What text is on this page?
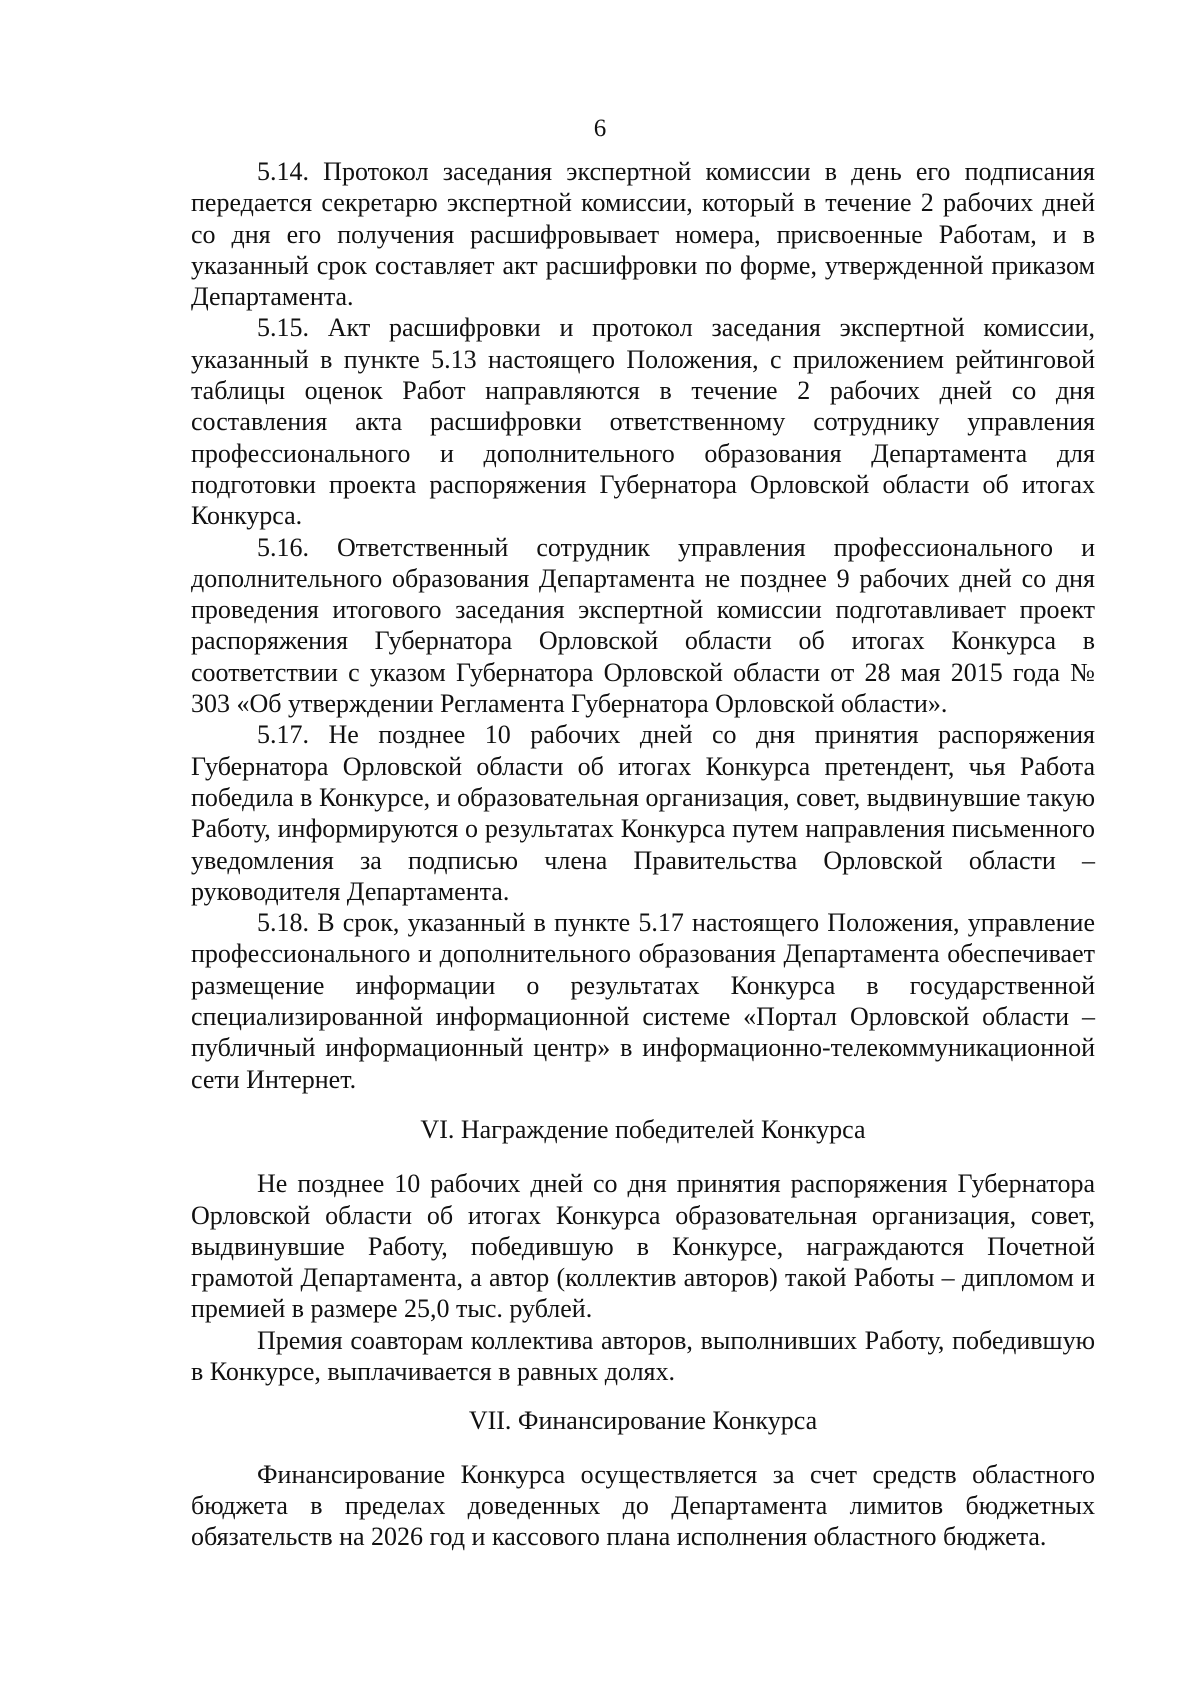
6

5.14. Протокол заседания экспертной комиссии в день его подписания передается секретарю экспертной комиссии, который в течение 2 рабочих дней со дня его получения расшифровывает номера, присвоенные Работам, и в указанный срок составляет акт расшифровки по форме, утвержденной приказом Департамента.

5.15. Акт расшифровки и протокол заседания экспертной комиссии, указанный в пункте 5.13 настоящего Положения, с приложением рейтинговой таблицы оценок Работ направляются в течение 2 рабочих дней со дня составления акта расшифровки ответственному сотруднику управления профессионального и дополнительного образования Департамента для подготовки проекта распоряжения Губернатора Орловской области об итогах Конкурса.

5.16. Ответственный сотрудник управления профессионального и дополнительного образования Департамента не позднее 9 рабочих дней со дня проведения итогового заседания экспертной комиссии подготавливает проект распоряжения Губернатора Орловской области об итогах Конкурса в соответствии с указом Губернатора Орловской области от 28 мая 2015 года № 303 «Об утверждении Регламента Губернатора Орловской области».

5.17. Не позднее 10 рабочих дней со дня принятия распоряжения Губернатора Орловской области об итогах Конкурса претендент, чья Работа победила в Конкурсе, и образовательная организация, совет, выдвинувшие такую Работу, информируются о результатах Конкурса путем направления письменного уведомления за подписью члена Правительства Орловской области – руководителя Департамента.

5.18. В срок, указанный в пункте 5.17 настоящего Положения, управление профессионального и дополнительного образования Департамента обеспечивает размещение информации о результатах Конкурса в государственной специализированной информационной системе «Портал Орловской области – публичный информационный центр» в информационно-телекоммуникационной сети Интернет.

VI. Награждение победителей Конкурса

Не позднее 10 рабочих дней со дня принятия распоряжения Губернатора Орловской области об итогах Конкурса образовательная организация, совет, выдвинувшие Работу, победившую в Конкурсе, награждаются Почетной грамотой Департамента, а автор (коллектив авторов) такой Работы – дипломом и премией в размере 25,0 тыс. рублей.

Премия соавторам коллектива авторов, выполнивших Работу, победившую в Конкурсе, выплачивается в равных долях.

VII. Финансирование Конкурса

Финансирование Конкурса осуществляется за счет средств областного бюджета в пределах доведенных до Департамента лимитов бюджетных обязательств на 2026 год и кассового плана исполнения областного бюджета.
